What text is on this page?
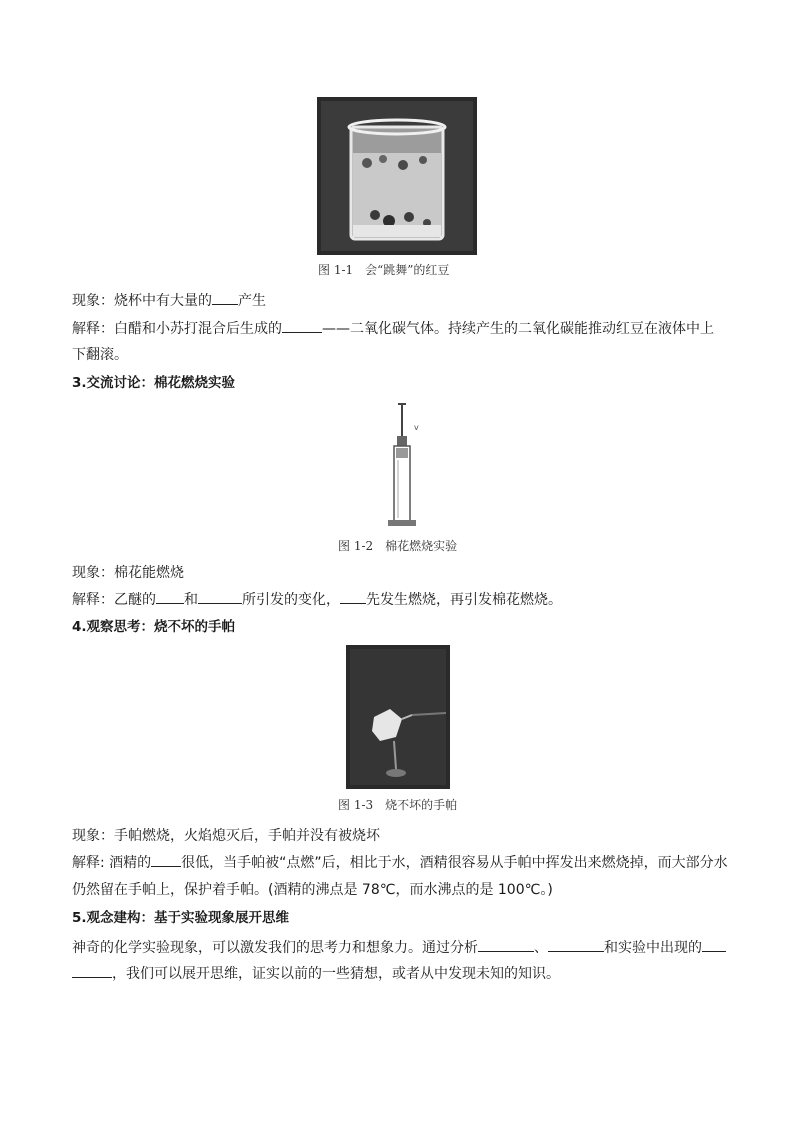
图 1-1　会“跳舞”的红豆
现象：烧杯中有大量的 产生
解释：白醋和小苏打混合后生成的	——二氧化碳气体。持续产生的二氧化碳能推动红豆在液体中上
下翻滚。
3.交流讨论：棉花燃烧实验
v
图 1-2　棉花燃烧实验
现象：棉花能燃烧
解释：乙醚的 和	所引发的变化， 先发生燃烧，再引发棉花燃烧。
4.观察思考：烧不坏的手帕
图 1-3　烧不坏的手帕
现象：手帕燃烧，火焰熄灭后，手帕并没有被烧坏
解释: 酒精的 很低，当手帕被“点燃”后，相比于水，酒精很容易从手帕中挥发出来燃烧掉，而大部分水
仍然留在手帕上，保护着手帕。(酒精的沸点是 78℃，而水沸点的是 100℃。)
5.观念建构：基于实验现象展开思维
神奇的化学实验现象，可以激发我们的思考力和想象力。通过分析	、	和实验中出现的
，我们可以展开思维，证实以前的一些猜想，或者从中发现未知的知识。
